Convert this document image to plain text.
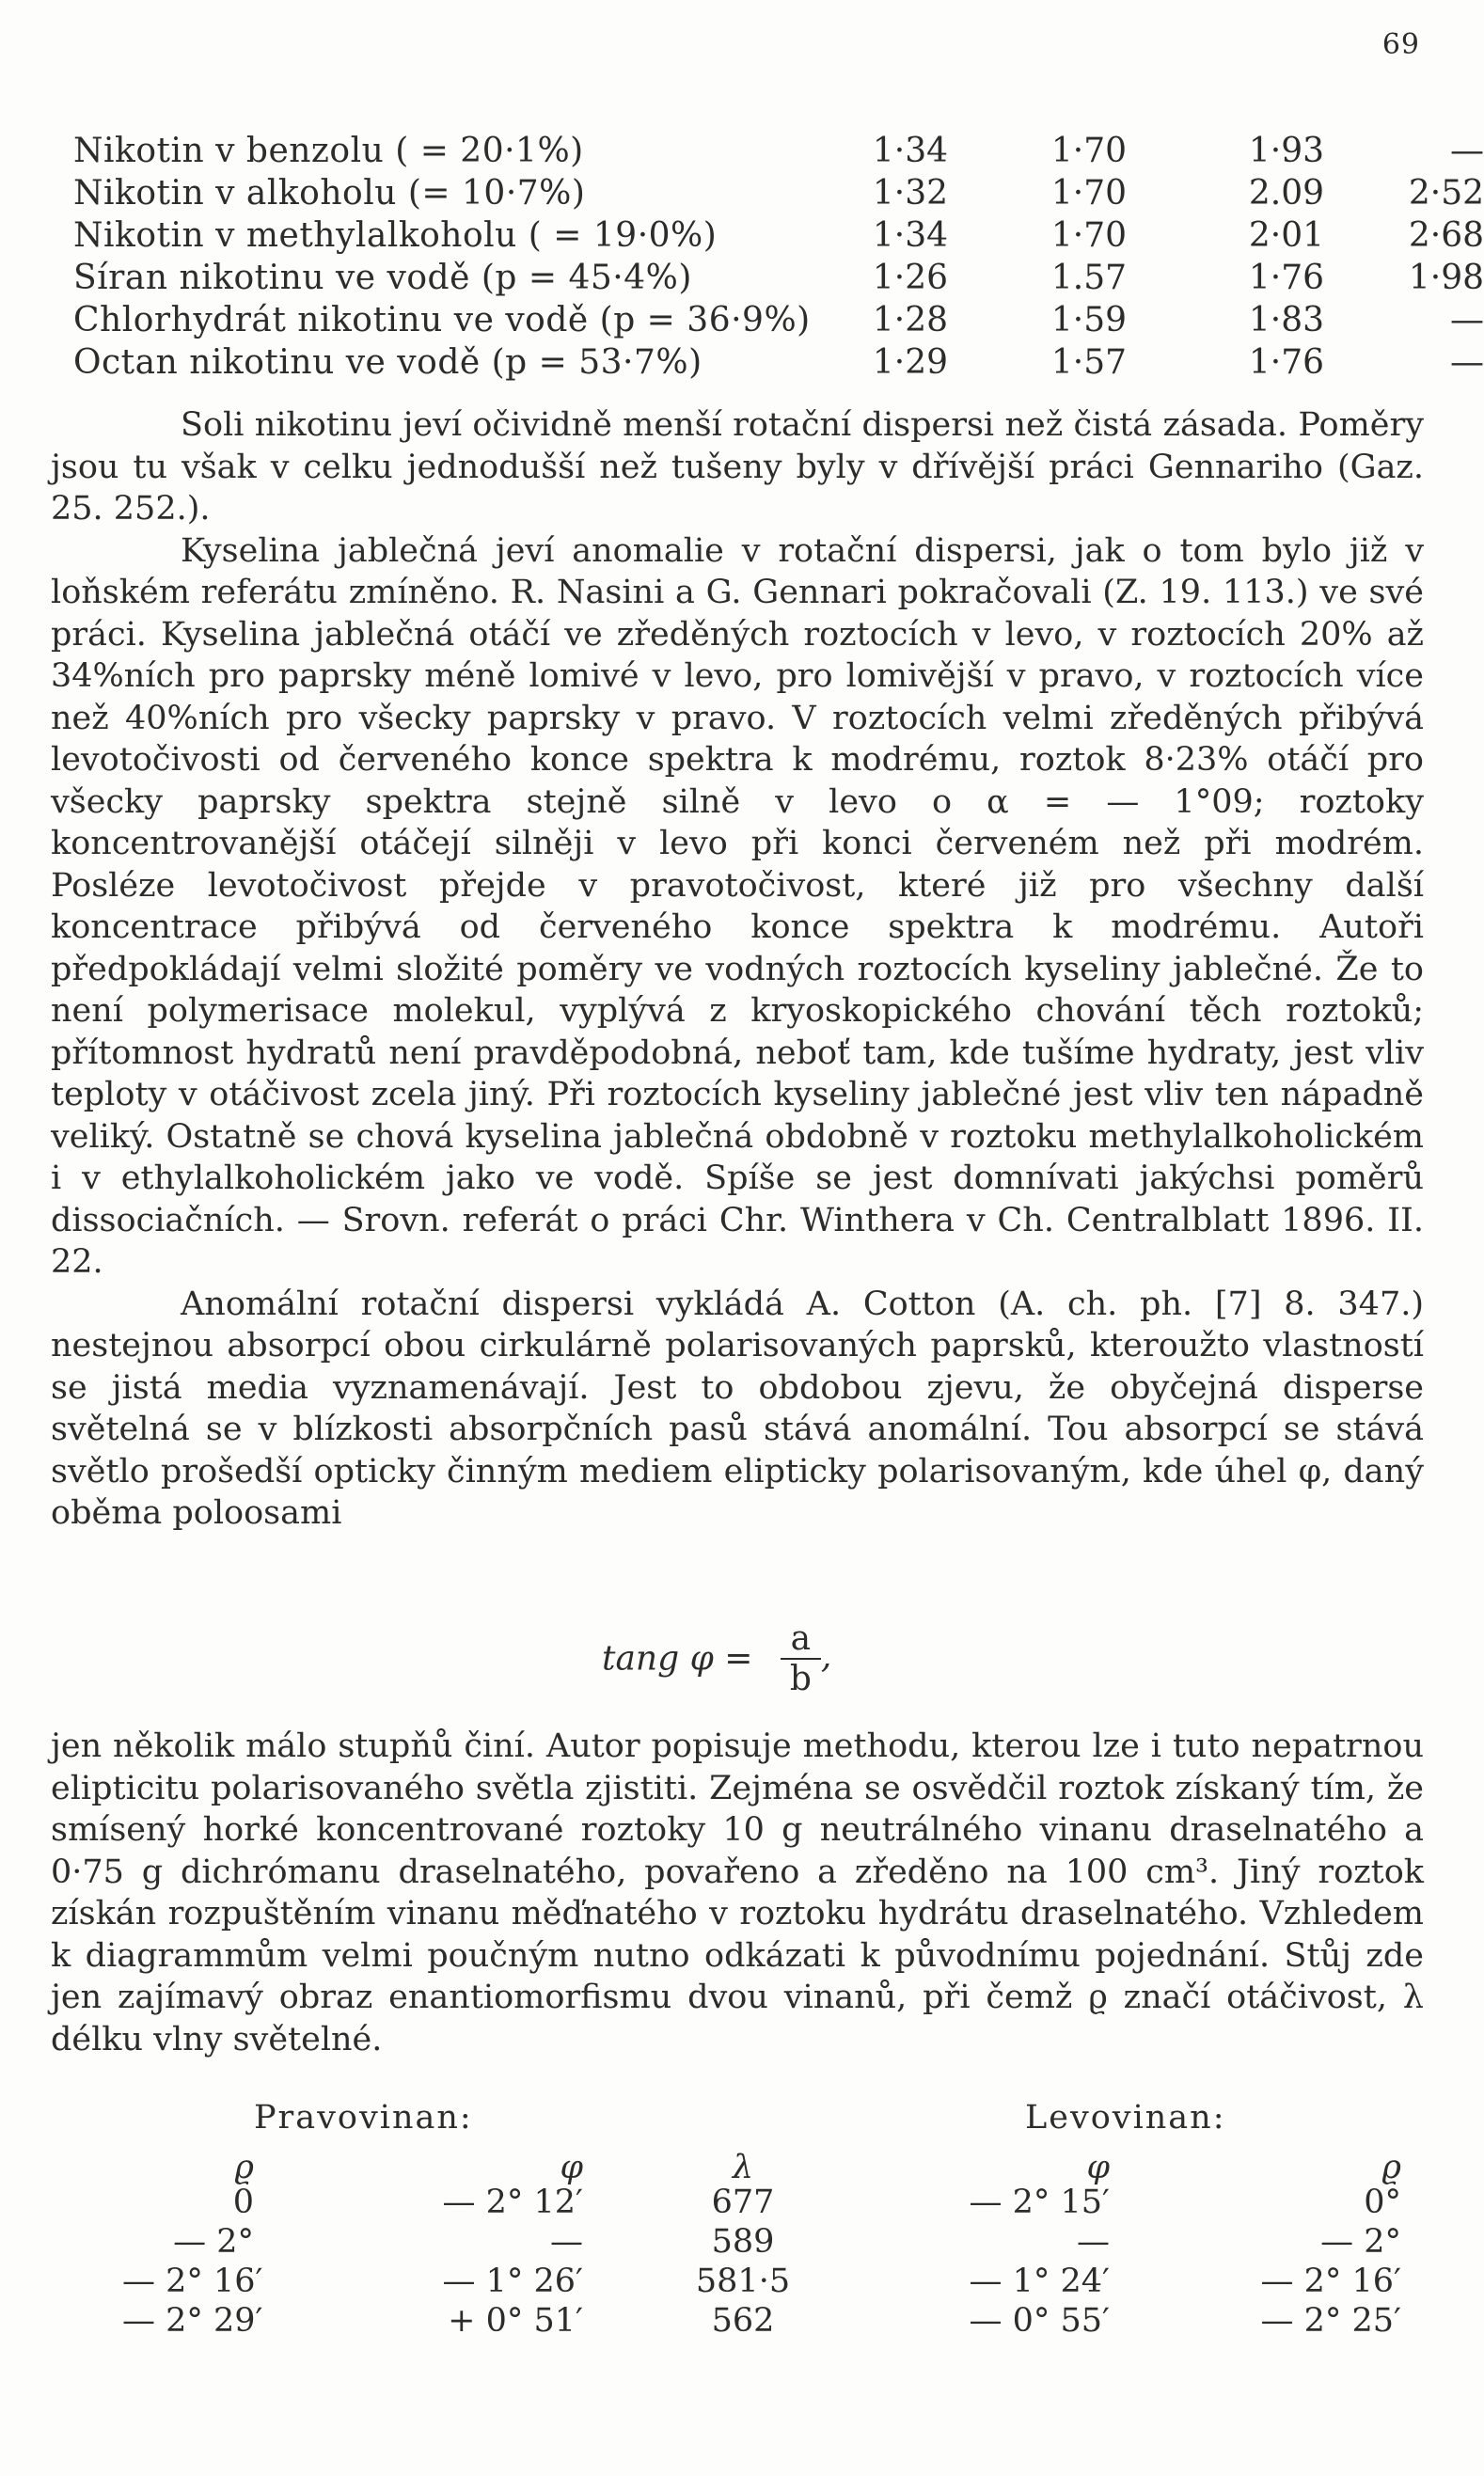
69
Nikotin v benzolu ( = 20·1%)	1·34	1·70	1·93	—
Nikotin v alkoholu (= 10·7%)	1·32	1·70	2.09	2·52
Nikotin v methylalkoholu ( = 19·0%)	1·34	1·70	2·01	2·68
Síran nikotinu ve vodě (p = 45·4%)	1·26	1.57	1·76	1·98
Chlorhydrát nikotinu ve vodě (p = 36·9%)	1·28	1·59	1·83	—
Octan nikotinu ve vodě (p = 53·7%)	1·29	1·57	1·76	—

Soli nikotinu jeví očividně menší rotační dispersi než čistá zásada. Poměry jsou tu však v celku jednodušší než tušeny byly v dřívější práci Gennariho (Gaz. 25. 252.).

Kyselina jablečná jeví anomalie v rotační dispersi, jak o tom bylo již v loňském referátu zmíněno. R. Nasini a G. Gennari pokračovali (Z. 19. 113.) ve své práci. Kyselina jablečná otáčí ve zředěných roztocích v levo, v roztocích 20% až 34%ních pro paprsky méně lomivé v levo, pro lomivější v pravo, v roztocích více než 40%ních pro všecky paprsky v pravo. V roztocích velmi zředěných přibývá levotočivosti od červeného konce spektra k modrému, roztok 8·23% otáčí pro všecky paprsky spektra stejně silně v levo o α = — 1°09; roztoky koncentrovanější otáčejí silněji v levo při konci červeném než při modrém. Posléze levotočivost přejde v pravotočivost, které již pro všechny další koncentrace přibývá od červeného konce spektra k modrému. Autoři předpokládají velmi složité poměry ve vodných roztocích kyseliny jablečné. Že to není polymerisace molekul, vyplývá z kryoskopického chování těch roztoků; přítomnost hydratů není pravděpodobná, neboť tam, kde tušíme hydraty, jest vliv teploty v otáčivost zcela jiný. Při roztocích kyseliny jablečné jest vliv ten nápadně veliký. Ostatně se chová kyselina jablečná obdobně v roztoku methylalkoholickém i v ethylalkoholickém jako ve vodě. Spíše se jest domnívati jakýchsi poměrů dissociačních. — Srovn. referát o práci Chr. Winthera v Ch. Centralblatt 1896. II. 22.

Anomální rotační dispersi vykládá A. Cotton (A. ch. ph. [7] 8. 347.) nestejnou absorpcí obou cirkulárně polarisovaných paprsků, kteroužto vlastností se jistá media vyznamenávají. Jest to obdobou zjevu, že obyčejná disperse světelná se v blízkosti absorpčních pasů stává anomální. Tou absorpcí se stává světlo prošedší opticky činným mediem elipticky polarisovaným, kde úhel φ, daný oběma poloosami

tang $\varphi = \frac{a}{b}$ ,

jen několik málo stupňů činí. Autor popisuje methodu, kterou lze i tuto nepatrnou elipticitu polarisovaného světla zjistiti. Zejména se osvědčil roztok získaný tím, že smísený horké koncentrované roztoky 10 g neutrálného vinanu draselnatého a 0·75 g dichrómanu draselnatého, povařeno a zředěno na 100 cm³. Jiný roztok získán rozpuštěním vinanu měďnatého v roztoku hydrátu draselnatého. Vzhledem k diagrammům velmi poučným nutno odkázati k původnímu pojednání. Stůj zde jen zajímavý obraz enantiomorfismu dvou vinanů, při čemž ϱ značí otáčivost, λ délku vlny světelné.

Pravovinan:	Levovinan:
ϱ	φ	λ	φ	ϱ
0	— 2° 12′	677	— 2° 15′	0°
— 2°	—	589	—	— 2°
— 2° 16′	— 1° 26′	581·5	— 1° 24′	— 2° 16′
— 2° 29′	+ 0° 51′	562	— 0° 55′	— 2° 25′
